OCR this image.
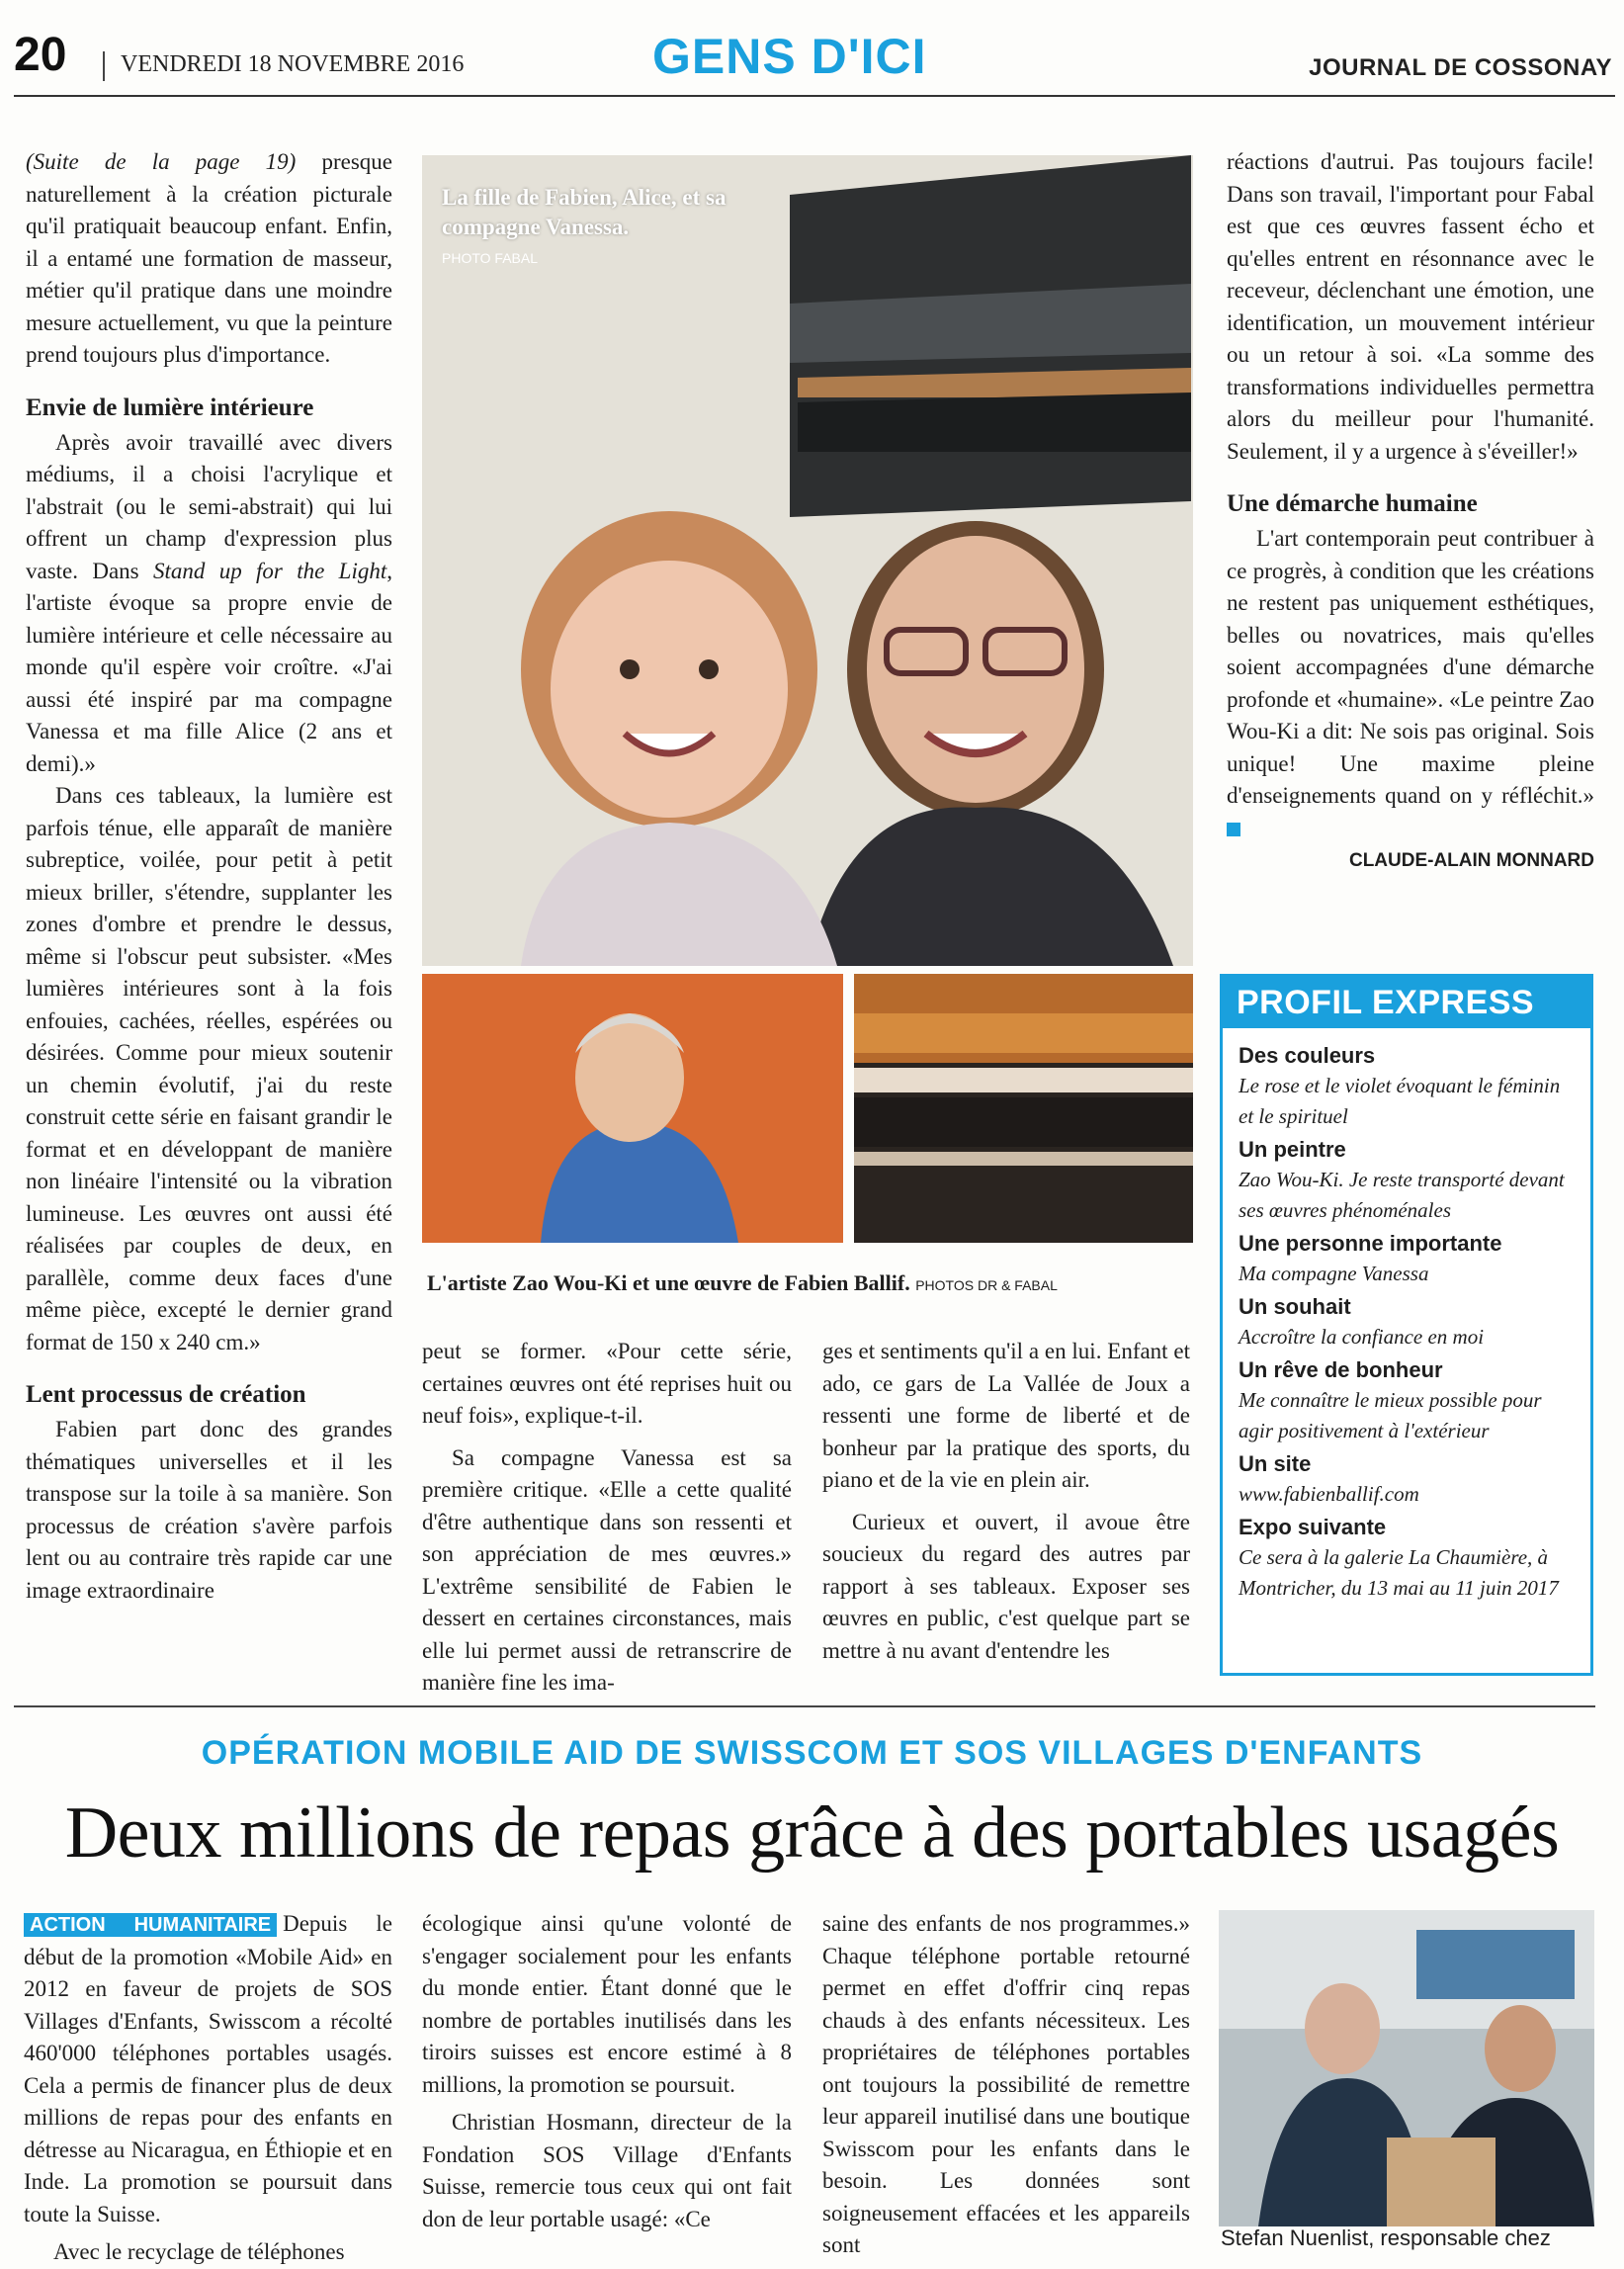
20 VENDREDI 18 NOVEMBRE 2016	GENS D'ICI	JOURNAL DE COSSONAY

(Suite de la page 19) presque naturellement à la création picturale qu'il pratiquait beaucoup enfant. Enfin, il a entamé une formation de masseur, métier qu'il pratique dans une moindre mesure actuellement, vu que la peinture prend toujours plus d'importance.

Envie de lumière intérieure

Après avoir travaillé avec divers médiums, il a choisi l'acrylique et l'abstrait (ou le semi-abstrait) qui lui offrent un champ d'expression plus vaste. Dans Stand up for the Light, l'artiste évoque sa propre envie de lumière intérieure et celle nécessaire au monde qu'il espère voir croître. «J'ai aussi été inspiré par ma compagne Vanessa et ma fille Alice (2 ans et demi).»

Dans ces tableaux, la lumière est parfois ténue, elle apparaît de manière subreptice, voilée, pour petit à petit mieux briller, s'étendre, supplanter les zones d'ombre et prendre le dessus, même si l'obscur peut subsister. «Mes lumières intérieures sont à la fois enfouies, cachées, réelles, espérées ou désirées. Comme pour mieux soutenir un chemin évolutif, j'ai du reste construit cette série en faisant grandir le format et en développant de manière non linéaire l'intensité ou la vibration lumineuse. Les œuvres ont aussi été réalisées par couples de deux, en parallèle, comme deux faces d'une même pièce, excepté le dernier grand format de 150 x 240 cm.»

Lent processus de création

Fabien part donc des grandes thématiques universelles et il les transpose sur la toile à sa manière. Son processus de création s'avère parfois lent ou au contraire très rapide car une image extraordinaire

La fille de Fabien, Alice, et sa compagne Vanessa.
PHOTO FABAL
L'artiste Zao Wou-Ki et une œuvre de Fabien Ballif. PHOTOS DR & FABAL

peut se former. «Pour cette série, certaines œuvres ont été reprises huit ou neuf fois», explique-t-il.

Sa compagne Vanessa est sa première critique. «Elle a cette qualité d'être authentique dans son ressenti et son appréciation de mes œuvres.» L'extrême sensibilité de Fabien le dessert en certaines circonstances, mais elle lui permet aussi de retranscrire de manière fine les ima-

ges et sentiments qu'il a en lui. Enfant et ado, ce gars de La Vallée de Joux a ressenti une forme de liberté et de bonheur par la pratique des sports, du piano et de la vie en plein air.

Curieux et ouvert, il avoue être soucieux du regard des autres par rapport à ses tableaux. Exposer ses œuvres en public, c'est quelque part se mettre à nu avant d'entendre les

réactions d'autrui. Pas toujours facile! Dans son travail, l'important pour Fabal est que ces œuvres fassent écho et qu'elles entrent en résonnance avec le receveur, déclenchant une émotion, une identification, un mouvement intérieur ou un retour à soi. «La somme des transformations individuelles permettra alors du meilleur pour l'humanité. Seulement, il y a urgence à s'éveiller!»

Une démarche humaine

L'art contemporain peut contribuer à ce progrès, à condition que les créations ne restent pas uniquement esthétiques, belles ou novatrices, mais qu'elles soient accompagnées d'une démarche profonde et «humaine». «Le peintre Zao Wou-Ki a dit: Ne sois pas original. Sois unique! Une maxime pleine d'enseignements quand on y réfléchit.»

CLAUDE-ALAIN MONNARD
PROFIL EXPRESS
Des couleurs
Le rose et le violet évoquant le féminin et le spirituel
Un peintre
Zao Wou-Ki. Je reste transporté devant ses œuvres phénoménales
Une personne importante
Ma compagne Vanessa
Un souhait
Accroître la confiance en moi
Un rêve de bonheur
Me connaître le mieux possible pour agir positivement à l'extérieur
Un site
www.fabienballif.com
Expo suivante
Ce sera à la galerie La Chaumière, à Montricher, du 13 mai au 11 juin 2017
OPÉRATION MOBILE AID DE SWISSCOM ET SOS VILLAGES D'ENFANTS
Deux millions de repas grâce à des portables usagés

ACTION HUMANITAIRE Depuis le début de la promotion «Mobile Aid» en 2012 en faveur de projets de SOS Villages d'Enfants, Swisscom a récolté 460'000 téléphones portables usagés. Cela a permis de financer plus de deux millions de repas pour des enfants en détresse au Nicaragua, en Éthiopie et en Inde. La promotion se poursuit dans toute la Suisse.

Avec le recyclage de téléphones

écologique ainsi qu'une volonté de s'engager socialement pour les enfants du monde entier. Étant donné que le nombre de portables inutilisés dans les tiroirs suisses est encore estimé à 8 millions, la promotion se poursuit.

Christian Hosmann, directeur de la Fondation SOS Village d'Enfants Suisse, remercie tous ceux qui ont fait don de leur portable usagé: «Ce

saine des enfants de nos programmes.» Chaque téléphone portable retourné permet en effet d'offrir cinq repas chauds à des enfants nécessiteux. Les propriétaires de téléphones portables ont toujours la possibilité de remettre leur appareil inutilisé dans une boutique Swisscom pour les enfants dans le besoin. Les données sont soigneusement effacées et les appareils sont	Stefan Nuenlist, responsable chez
